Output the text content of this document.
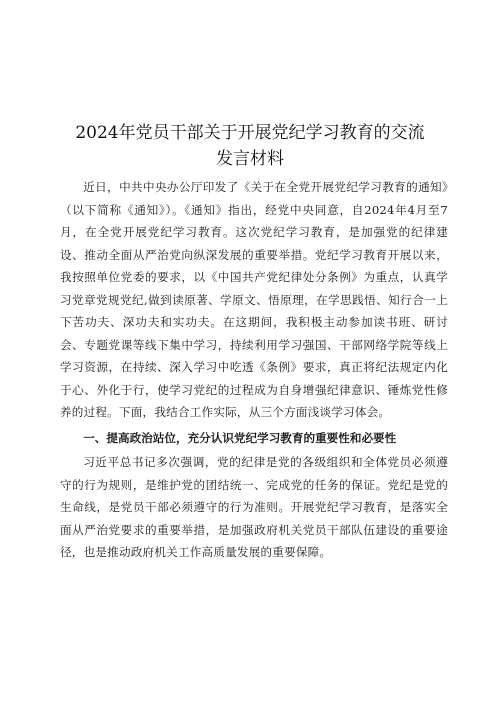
2024年党员干部关于开展党纪学习教育的交流
发言材料

近日，中共中央办公厅印发了《关于在全党开展党纪学习教育的通知》（以下简称《通知》）。《通知》指出，经党中央同意，自2024年4月至7月，在全党开展党纪学习教育。这次党纪学习教育，是加强党的纪律建设、推动全面从严治党向纵深发展的重要举措。党纪学习教育开展以来，我按照单位党委的要求，以《中国共产党纪律处分条例》为重点，认真学习党章党规党纪,做到读原著、学原文、悟原理，在学思践悟、知行合一上下苦功夫、深功夫和实功夫。在这期间，我积极主动参加读书班、研讨会、专题党课等线下集中学习，持续利用学习强国、干部网络学院等线上学习资源，在持续、深入学习中吃透《条例》要求，真正将纪法规定内化于心、外化于行，使学习党纪的过程成为自身增强纪律意识、锤炼党性修养的过程。下面，我结合工作实际，从三个方面浅谈学习体会。

一、提高政治站位，充分认识党纪学习教育的重要性和必要性

习近平总书记多次强调，党的纪律是党的各级组织和全体党员必须遵守的行为规则，是维护党的团结统一、完成党的任务的保证。党纪是党的生命线，是党员干部必须遵守的行为准则。开展党纪学习教育，是落实全面从严治党要求的重要举措，是加强政府机关党员干部队伍建设的重要途径，也是推动政府机关工作高质量发展的重要保障。
